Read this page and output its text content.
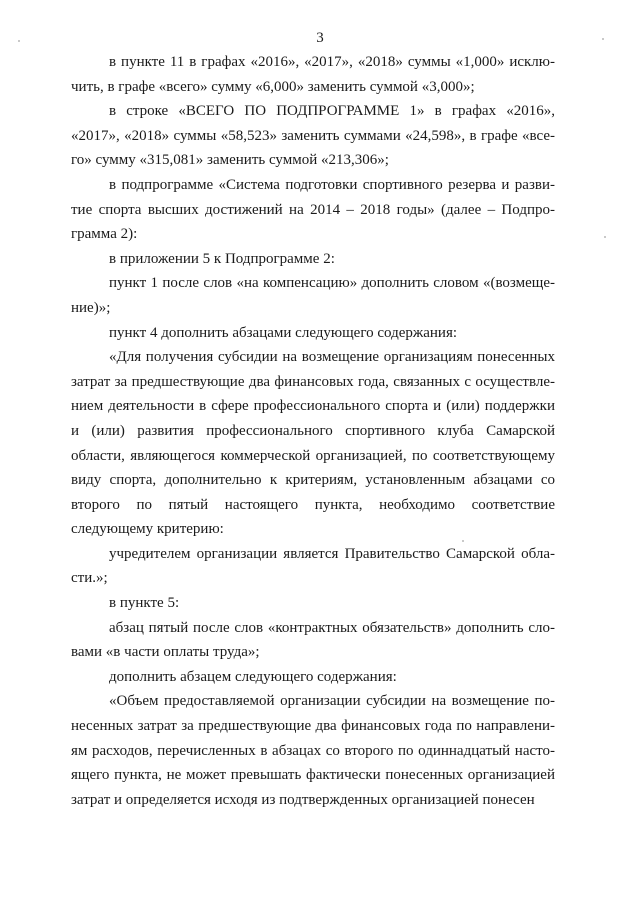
3

в пункте 11 в графах «2016», «2017», «2018» суммы «1,000» исключить, в графе «всего» сумму «6,000» заменить суммой «3,000»;

в строке «ВСЕГО ПО ПОДПРОГРАММЕ 1» в графах «2016», «2017», «2018» суммы «58,523» заменить суммами «24,598», в графе «всего» сумму «315,081» заменить суммой «213,306»;

в подпрограмме «Система подготовки спортивного резерва и развитие спорта высших достижений на 2014 – 2018 годы» (далее – Подпрограмма 2):

в приложении 5 к Подпрограмме 2:

пункт 1 после слов «на компенсацию» дополнить словом «(возмещение)»;

пункт 4 дополнить абзацами следующего содержания:

«Для получения субсидии на возмещение организациям понесенных затрат за предшествующие два финансовых года, связанных с осуществлением деятельности в сфере профессионального спорта и (или) поддержки и (или) развития профессионального спортивного клуба Самарской области, являющегося коммерческой организацией, по соответствующему виду спорта, дополнительно к критериям, установленным абзацами со второго по пятый настоящего пункта, необходимо соответствие следующему критерию:

учредителем организации является Правительство Самарской области.»;

в пункте 5:

абзац пятый после слов «контрактных обязательств» дополнить словами «в части оплаты труда»;

дополнить абзацем следующего содержания:

«Объем предоставляемой организации субсидии на возмещение понесенных затрат за предшествующие два финансовых года по направлениям расходов, перечисленных в абзацах со второго по одиннадцатый настоящего пункта, не может превышать фактически понесенных организацией затрат и определяется исходя из подтвержденных организацией понесен
